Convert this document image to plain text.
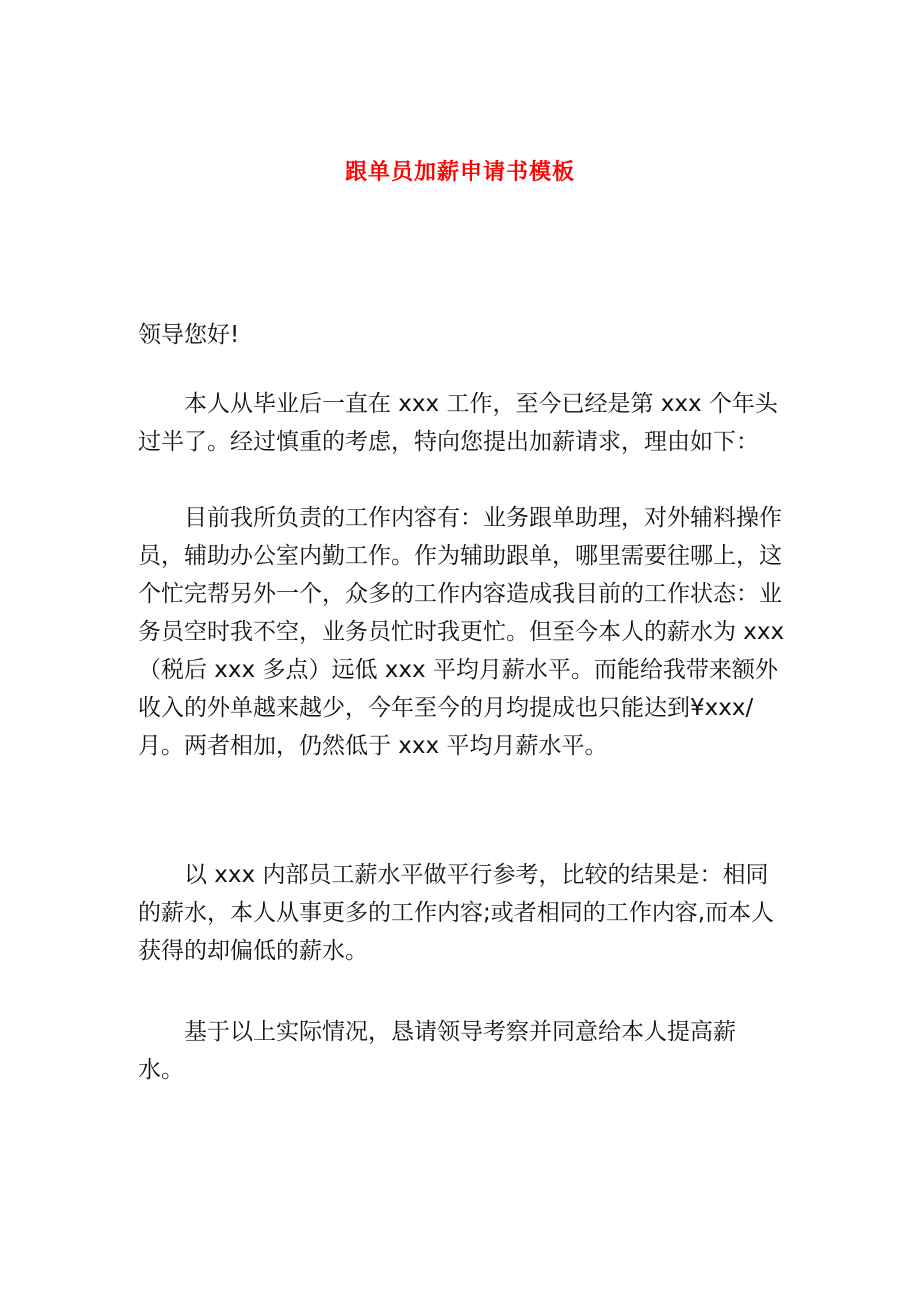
跟单员加薪申请书模板

领导您好!

本人从毕业后一直在 xxx 工作，至今已经是第 xxx 个年头过半了。经过慎重的考虑，特向您提出加薪请求，理由如下：

目前我所负责的工作内容有：业务跟单助理，对外辅料操作员，辅助办公室内勤工作。作为辅助跟单，哪里需要往哪上，这个忙完帮另外一个，众多的工作内容造成我目前的工作状态：业务员空时我不空，业务员忙时我更忙。但至今本人的薪水为 xxx（税后 xxx 多点）远低 xxx 平均月薪水平。而能给我带来额外收入的外单越来越少，今年至今的月均提成也只能达到¥xxx/月。两者相加，仍然低于 xxx 平均月薪水平。

以 xxx 内部员工薪水平做平行参考，比较的结果是：相同的薪水，本人从事更多的工作内容;或者相同的工作内容,而本人获得的却偏低的薪水。

基于以上实际情况，恳请领导考察并同意给本人提高薪水。
